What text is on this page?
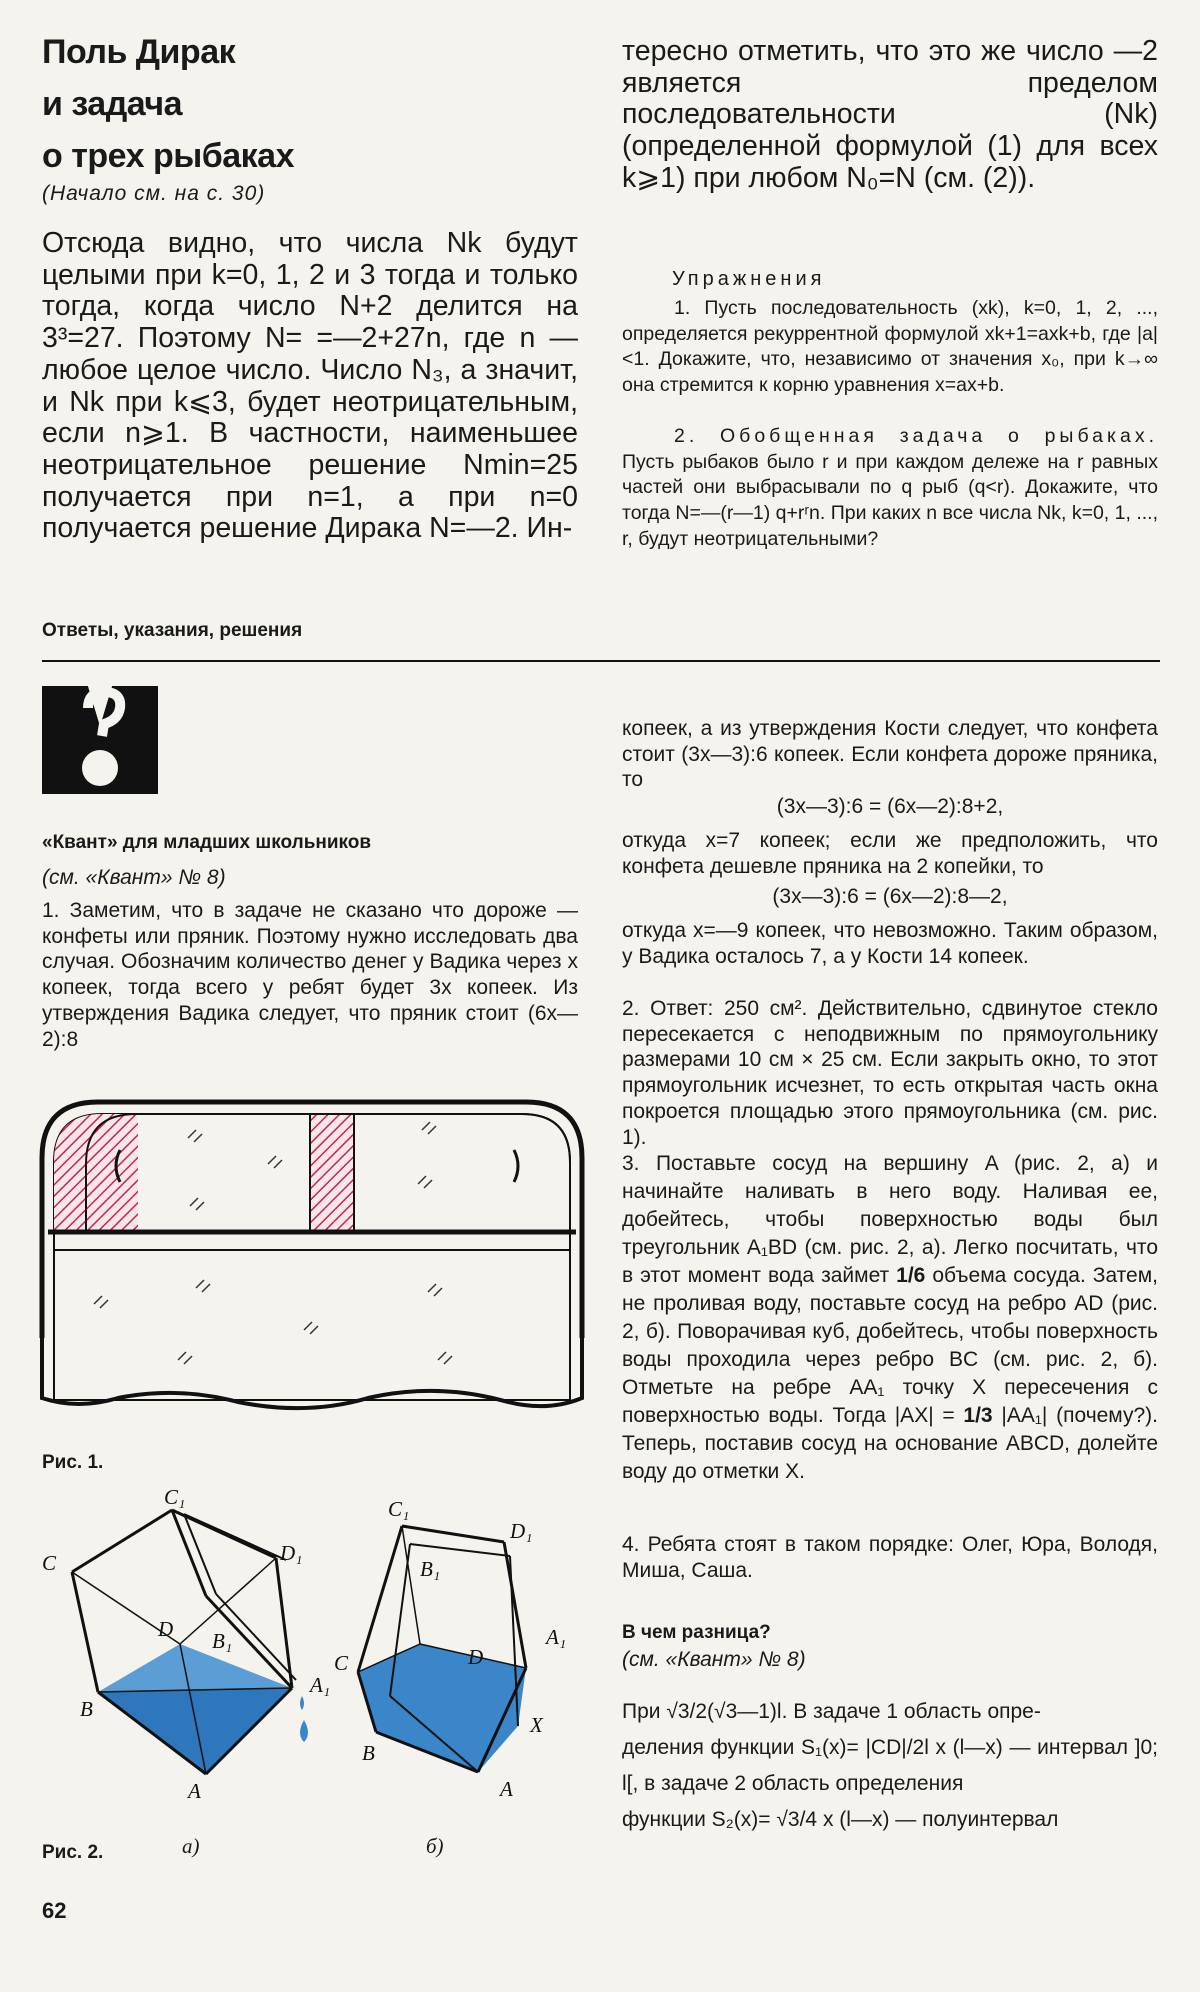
Поль Дирак
и задача
о трех рыбаках
(Начало см. на с. 30)
Отсюда видно, что числа Nk будут целыми при k=0, 1, 2 и 3 тогда и только тогда, когда число N+2 делится на 3³=27. Поэтому N= =—2+27n, где n — любое целое число. Число N₃, а значит, и Nk при k⩽3, будет неотрицательным, если n⩾1. В частности, наименьшее неотрицательное решение Nmin=25 получается при n=1, а при n=0 получается решение Дирака N=—2. Ин-
тересно отметить, что это же число —2 является пределом последовательности (Nk) (определенной формулой (1) для всех k⩾1) при любом N₀=N (см. (2)).
Упражнения
1. Пусть последовательность (xk), k=0, 1, 2, ..., определяется рекуррентной формулой xk+1=axk+b, где |a|<1. Докажите, что, независимо от значения x₀, при k→∞ она стремится к корню уравнения x=ax+b.
2. Обобщенная задача о рыбаках. Пусть рыбаков было r и при каждом дележе на r равных частей они выбрасывали по q рыб (q<r). Докажите, что тогда N=—(r—1) q+rʳn. При каких n все числа Nk, k=0, 1, ..., r, будут неотрицательными?
Ответы, указания, решения
«Квант» для младших школьников
(см. «Квант» № 8)
1. Заметим, что в задаче не сказано что дороже — конфеты или пряник. Поэтому нужно исследовать два случая. Обозначим количество денег у Вадика через x копеек, тогда всего у ребят будет 3x копеек. Из утверждения Вадика следует, что пряник стоит (6x—2):8
Рис. 1.
C₁
D₁
C
D B₁
A₁
B
A
C₁
D₁
B₁
A₁
C	D
X
B
A
Рис. 2.	а)	б)
62
копеек, а из утверждения Кости следует, что конфета стоит (3x—3):6 копеек. Если конфета дороже пряника, то
(3x—3):6 = (6x—2):8+2,
откуда x=7 копеек; если же предположить, что конфета дешевле пряника на 2 копейки, то
(3x—3):6 = (6x—2):8—2,
откуда x=—9 копеек, что невозможно. Таким образом, у Вадика осталось 7, а у Кости 14 копеек.
2. Ответ: 250 см². Действительно, сдвинутое стекло пересекается с неподвижным по прямоугольнику размерами 10 см × 25 см. Если закрыть окно, то этот прямоугольник исчезнет, то есть открытая часть окна покроется площадью этого прямоугольника (см. рис. 1).
3. Поставьте сосуд на вершину A (рис. 2, а) и начинайте наливать в него воду. Наливая ее, добейтесь, чтобы поверхностью воды был треугольник A₁BD (см. рис. 2, а). Легко посчитать, что в этот момент вода займет 1/6 объема сосуда. Затем, не проливая воду, поставьте сосуд на ребро AD (рис. 2, б). Поворачивая куб, добейтесь, чтобы поверхность воды проходила через ребро BC (см. рис. 2, б). Отметьте на ребре AA₁ точку X пересечения с поверхностью воды. Тогда |AX| = 1/3 |AA₁| (почему?). Теперь, поставив сосуд на основание ABCD, долейте воду до отметки X.
4. Ребята стоят в таком порядке: Олег, Юра, Володя, Миша, Саша.
В чем разница?
(см. «Квант» № 8)
При √3/2(√3—1)l. В задаче 1 область опре-
деления функции S₁(x)= |CD|/2l x (l—x) — интервал ]0; l[, в задаче 2 область определения
функции S₂(x)= √3/4 x (l—x) — полуинтервал
